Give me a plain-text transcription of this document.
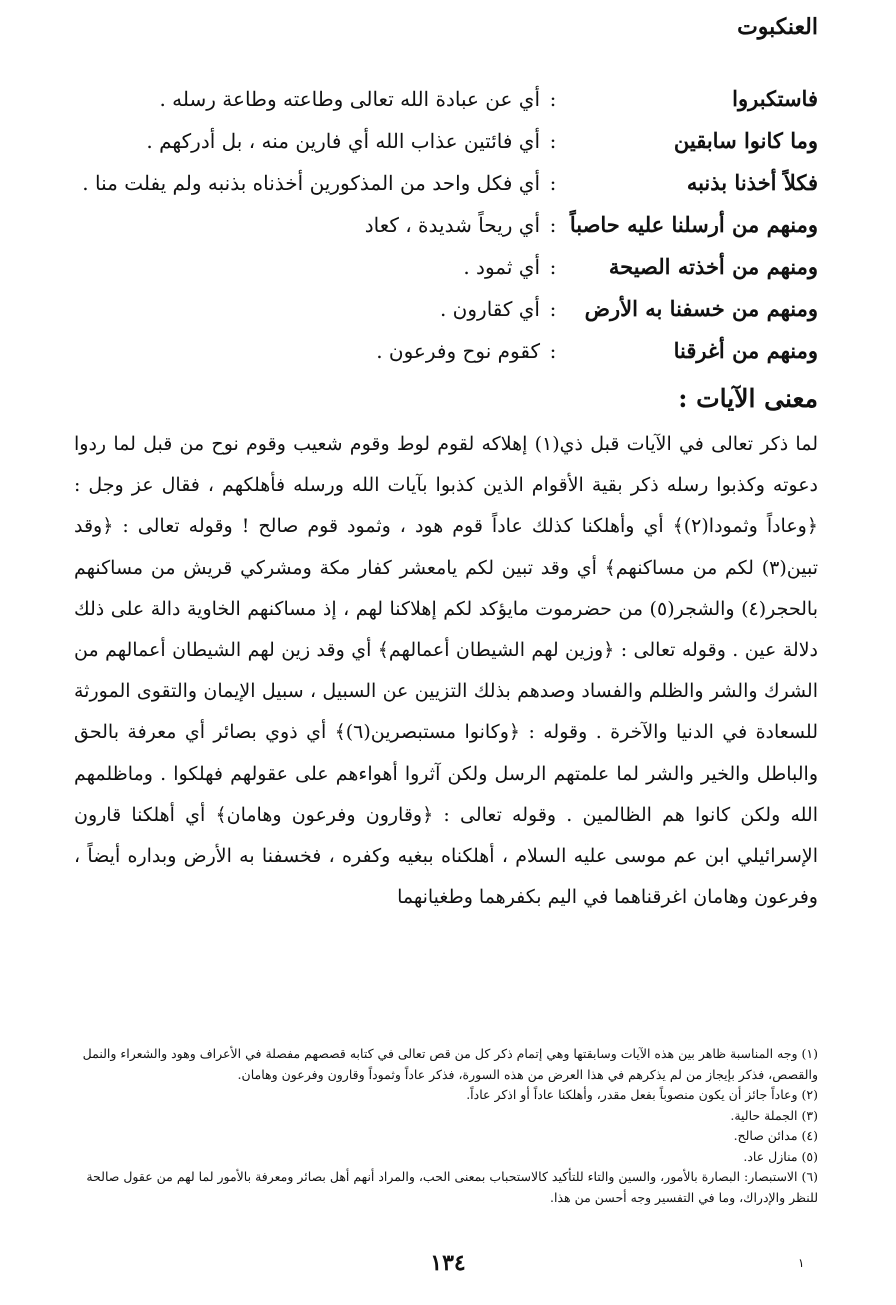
العنكبوت
فاستكبروا
:
أي عن عبادة الله تعالى وطاعته وطاعة رسله .
وما كانوا سابقين
:
أي فائتين عذاب الله أي فارين منه ، بل أدركهم .
فكلاً أخذنا بذنبه
:
أي فكل واحد من المذكورين أخذناه بذنبه ولم يفلت منا .
ومنهم من أرسلنا عليه حاصباً
:
أي ريحاً شديدة ، كعاد
ومنهم من أخذته الصيحة
:
أي ثمود .
ومنهم من خسفنا به الأرض
:
أي كقارون .
ومنهم من أغرقنا
:
كقوم نوح وفرعون .
معنى الآيات :
لما ذكر تعالى في الآيات قبل ذي(١) إهلاكه لقوم لوط وقوم شعيب وقوم نوح من قبل لما ردوا دعوته وكذبوا رسله ذكر بقية الأقوام الذين كذبوا بآيات الله ورسله فأهلكهم ، فقال عز وجل : ﴿وعاداً وثمودا(٢)﴾ أي وأهلكنا كذلك عاداً قوم هود ، وثمود قوم صالح ! وقوله تعالى : ﴿وقد تبين(٣) لكم من مساكنهم﴾ أي وقد تبين لكم يامعشر كفار مكة ومشركي قريش من مساكنهم بالحجر(٤) والشجر(٥) من حضرموت مايؤكد لكم إهلاكنا لهم ، إذ مساكنهم الخاوية دالة على ذلك دلالة عين . وقوله تعالى : ﴿وزين لهم الشيطان أعمالهم﴾ أي وقد زين لهم الشيطان أعمالهم من الشرك والشر والظلم والفساد وصدهم بذلك التزيين عن السبيل ، سبيل الإيمان والتقوى المورثة للسعادة في الدنيا والآخرة . وقوله : ﴿وكانوا مستبصرين(٦)﴾ أي ذوي بصائر أي معرفة بالحق والباطل والخير والشر لما علمتهم الرسل ولكن آثروا أهواءهم على عقولهم فهلكوا . وماظلمهم الله ولكن كانوا هم الظالمين . وقوله تعالى : ﴿وقارون وفرعون وهامان﴾ أي أهلكنا قارون الإسرائيلي ابن عم موسى عليه السلام ، أهلكناه ببغيه وكفره ، فخسفنا به الأرض وبداره أيضاً ، وفرعون وهامان اغرقناهما في اليم بكفرهما وطغيانهما

(١) وجه المناسبة ظاهر بين هذه الآيات وسابقتها وهي إتمام ذكر كل من قص تعالى في كتابه قصصهم مفصلة في الأعراف وهود والشعراء والنمل والقصص، فذكر بإيجاز من لم يذكرهم في هذا العرض من هذه السورة، فذكر عاداً وثموداً وقارون وفرعون وهامان.

(٢) وعاداً جائز أن يكون منصوباً بفعل مقدر، وأهلكنا عاداً أو اذكر عاداً.

(٣) الجملة حالية.

(٤) مدائن صالح.

(٥) منازل عاد.

(٦) الاستبصار: البصارة بالأمور، والسين والتاء للتأكيد كالاستحباب بمعنى الحب، والمراد أنهم أهل بصائر ومعرفة بالأمور لما لهم من عقول صالحة للنظر والإدراك، وما في التفسير وجه أحسن من هذا.

١٣٤	١
